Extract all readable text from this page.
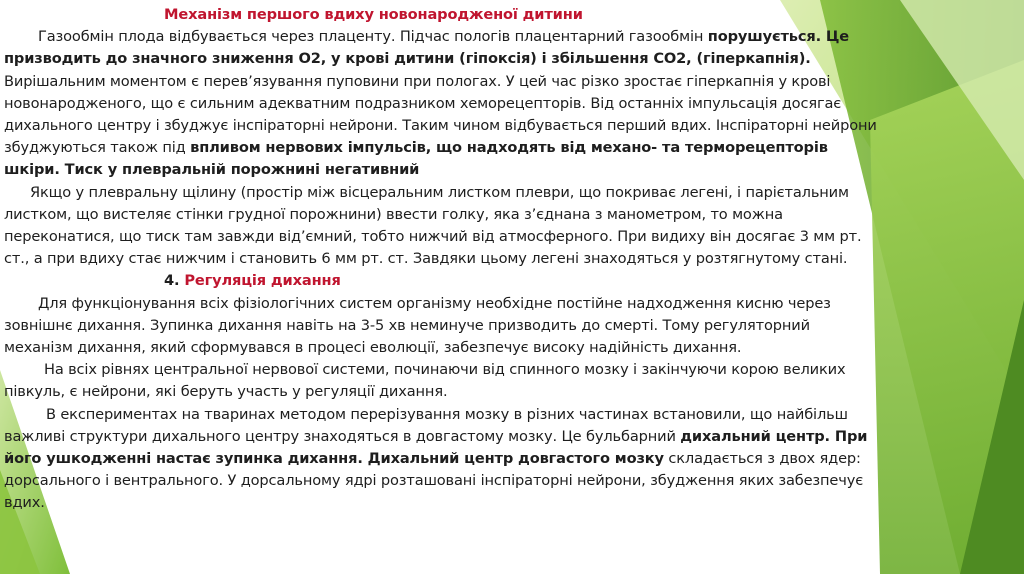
Механізм першого вдиху новонародженої дитини

Газообмін плода відбувається через плаценту. Підчас пологів плацентарний газообмін порушується. Це призводить до значного зниження О2, у крові дитини (гіпоксія) і збільшення СО2, (гіперкапнія). Вирішальним моментом є перев’язування пуповини при пологах. У цей час різко зростає гіперкапнія у крові новонародженого, що є сильним адекватним подразником хеморецепторів. Від останніх імпульсація досягає дихального центру і збуджує інспіраторні нейрони. Таким чином відбувається перший вдих. Інспіраторні нейрони збуджуються також під впливом нервових імпульсів, що надходять від механо- та терморецепторів шкіри. Тиск у плевральній порожнині негативний

Якщо у плевральну щілину (простір між вісцеральним листком плеври, що покриває легені, і парієтальним листком, що вистеляє стінки грудної порожнини) ввести голку, яка з’єднана з манометром, то можна переконатися, що тиск там завжди від’ємний, тобто нижчий від атмосферного. При видиху він досягає 3 мм рт. ст., а при вдиху стає нижчим і становить 6 мм рт. ст. Завдяки цьому легені знаходяться у розтягнутому стані.

4. Регуляція дихання

Для функціонування всіх фізіологічних систем організму необхідне постійне надходження кисню через зовнішнє дихання. Зупинка дихання навіть на 3-5 хв неминуче призводить до смерті. Тому регуляторний механізм дихання, який сформувався в процесі еволюції, забезпечує високу надійність дихання.

На всіх рівнях центральної нервової системи, починаючи від спинного мозку і закінчуючи корою великих півкуль, є нейрони, які беруть участь у регуляції дихання.

В експериментах на тваринах методом перерізування мозку в різних частинах встановили, що найбільш важливі структури дихального центру знаходяться в довгастому мозку. Це бульбарний дихальний центр. При його ушкодженні настає зупинка дихання. Дихальний центр довгастого мозку складається з двох ядер: дорсального і вентрального. У дорсальному ядрі розташовані інспіраторні нейрони, збудження яких забезпечує вдих.
